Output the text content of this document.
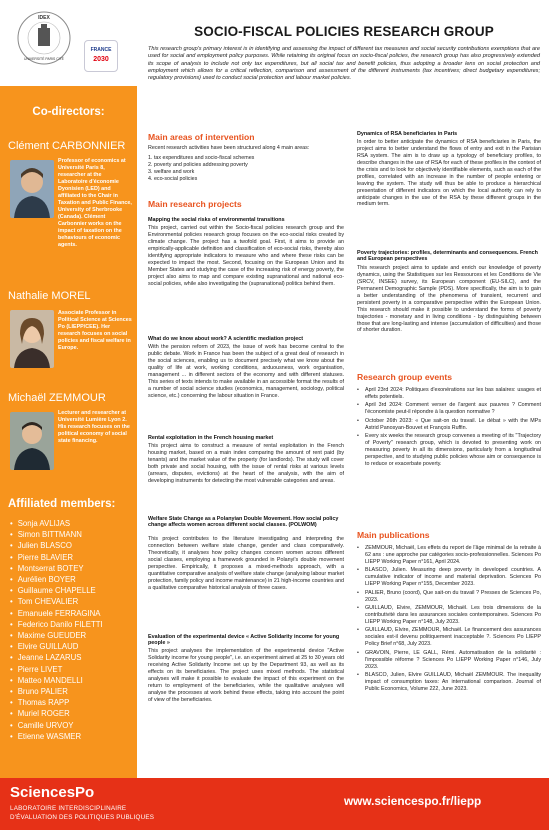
IDEX
UNIVERSITÉ PARIS CITÉ
FRANCE
2030
Co-directors:
Clément CARBONNIER
Professor of economics at Université Paris 8, researcher at the Laboratoire d'économie Dyonisien (LED) and affiliated to the Chair in Taxation and Public Finance, University of Sherbrooke (Canada). Clément Carbonnier works on the impact of taxation on the behaviours of economic agents.
Nathalie MOREL
Associate Professor in Political Science at Sciences Po (LIEPP/CEE). Her research focuses on social policies and fiscal welfare in Europe.
Michaël ZEMMOUR
Lecturer and researcher at Université Lumière Lyon 2. His research focuses on the political economy of social state financing.
Affiliated members:
• Sonja AVLIJAS
• Simon BITTMANN
• Julien BLASCO
• Pierre BLAVIER
• Montserrat BOTEY
• Aurélien BOYER
• Guillaume CHAPELLE
• Tom CHEVALIER
• Emanuele FERRAGINA
• Federico Danilo FILETTI
• Maxime GUEUDER
• Elvire GUILLAUD
• Jeanne LAZARUS
• Pierre LIVET
• Matteo MANDELLI
• Bruno PALIER
• Thomas RAPP
• Muriel ROGER
• Camille URVOY
• Etienne WASMER
SOCIO-FISCAL POLICIES RESEARCH GROUP
This research group's primary interest is in identifying and assessing the impact of different tax measures and social security contributions exemptions that are used for social and employment policy purposes. While retaining its original focus on socio-fiscal policies, the research group has also progressively extended its scope of analysis to include not only tax expenditures, but all social tax and benefit policies, thus adopting a broader lens on social protection and employment which allows for a critical reflection, comparison and assessment of the different instruments (tax incentives; direct budgetary expenditures; regulatory provisions) used to conduct social protection and labour market policies.
Main areas of intervention
Recent research activities have been structured along 4 main areas:
1. tax expenditures and socio-fiscal schemes
2. poverty and policies addressing poverty
3. welfare and work
4. eco-social policies
Main research projects
Mapping the social risks of environmental transitions
This project, carried out within the Socio-fiscal policies research group and the Environmental policies research group focuses on the eco-social risks created by climate change. The project has a twofold goal. First, it aims to provide an empirically-applicable definition and classification of eco-social risks, thereby also identifying appropriate indicators to measure who and where these risks can be expected to impact the most. Second, focusing on the European Union and its Member States and studying the case of the increasing risk of energy poverty, the project also aims to map and compare existing supranational and national eco-social policies, while also investigating the (supranational) politics behind them.
What do we know about work? A scientific mediation project
With the pension reform of 2023, the issue of work has become central to the public debate. Work in France has been the subject of a great deal of research in the social sciences, enabling us to document precisely what we know about the quality of life at work, working conditions, arduousness, work organisation, management ... in different sectors of the economy and with different statuses. This series of texts intends to make available in an accessible format the results of a number of social science studies (economics, management, sociology, political science, etc.) concerning the labour situation in France.
Rental exploitation in the French housing market
This project aims to construct a measure of rental exploitation in the French housing market, based on a main index comparing the amount of rent paid (by tenants) and the market value of the property (for landlords). The study will cover both private and social housing, with the issue of rental risks at various levels (arrears, disputes, evictions) at the heart of the analysis, with the aim of developing instruments for detecting the most vulnerable categories and areas.
Welfare State Change as a Polanyian Double Movement. How social policy change affects women across different social classes. (POLWOM)
This project contributes to the literature investigating and interpreting the connection between welfare state change, gender and class comparatively. Theoretically, it analyses how policy changes concern women across different social classes, employing a framework grounded in Polanyi's double movement perspective. Empirically, it proposes a mixed-methods approach, with a quantitative comparative analysis of welfare state change (analysing labour market protection, family policy and income maintenance) in 21 high-income countries and a qualitative comparative historical analysis of three cases.
Evaluation of the experimental device « Active Solidarity income for young people »
This project analyses the implementation of the experimental device "Active Solidarity income for young people", i.e. an experiment aimed at 25 to 30 years old receiving Active Solidarity Income set up by the Department 93, as well as its effects on its beneficiaries. The project uses mixed methods. The statistical analyses will make it possible to evaluate the impact of this experiment on the return to employment of the beneficiaries, while the qualitative analyses will analyse the processes at work behind these effects, taking into account the point of view of the beneficiaries.
Dynamics of RSA beneficiaries in Paris
In order to better anticipate the dynamics of RSA beneficiaries in Paris, the project aims to better understand the flows of entry and exit in the Parisian RSA system. The aim is to draw up a typology of beneficiary profiles, to describe changes in the use of RSA for each of these profiles in the context of the crisis and to look for objectively identifiable elements, such as each of the profiles, correlated with an increase in the number of people entering or leaving the system. The study will thus be able to produce a hierarchical presentation of different indicators on which the local authority can rely to anticipate changes in the use of the RSA by these different groups in the medium term.
Poverty trajectories: profiles, determinants and consequences. French and European perspectives
This research project aims to update and enrich our knowledge of poverty dynamics, using the Statistiques sur les Ressources et les Conditions de Vie (SRCV, INSEE) survey, its European component (EU-SILC), and the Permanent Demographic Sample (PDS). More specifically, the aim is to gain a better understanding of the phenomena of transient, recurrent and persistent poverty in a comparative perspective within the European Union. This research should make it possible to understand the forms of poverty trajectories - monetary and in living conditions - by distinguishing between those that are long-lasting and intense (accumulation of difficulties) and those of shorter duration.
Research group events
• April 23rd 2024: Politiques d'exonérations sur les bas salaires: usages et effets potentiels.
• April 3rd 2024: Comment verser de l'argent aux pauvres ? Comment l'économiste peut-il répondre à la question normative ?
• October 26th 2023: « Que sait-on du travail. Le débat » with the MPs Astrid Panosyan-Bouvet et François Ruffin.
• Every six weeks the research group convenes a meeting of its "Trajectory of Poverty" research group, which is devoted to presenting work on measuring poverty in all its dimensions, particularly from a longitudinal perspective, and to studying public policies whose aim or consequence is to reduce or exacerbate poverty.
Main publications
• ZEMMOUR, Michaël, Les effets du report de l'âge minimal de la retraite à 62 ans : une approche par catégories socio-professionnelles. Sciences Po LIEPP Working Paper n°161, April 2024.
• BLASCO, Julien. Measuring deep poverty in developed countries. A cumulative indicator of income and material deprivation. Sciences Po LIEPP Working Paper n°155, December 2023.
• PALIER, Bruno (coord), Que sait-on du travail ? Presses de Sciences Po, 2023.
• GUILLAUD, Elvire, ZEMMOUR, Michaël. Les trois dimensions de la contributivité dans les assurances sociales contemporaines. Sciences Po LIEPP Working Paper n°148, July 2023.
• GUILLAUD, Elvire, ZEMMOUR, Michaël. Le financement des assurances sociales est-il devenu politiquement inacceptable ?. Sciences Po LIEPP Policy Brief n°68, July 2023.
• GRAVOIN, Pierre, LE GALL, Rémi. Automatisation de la solidarité : l'impossible réforme ? Sciences Po LIEPP Working Paper n°146, July 2023.
• BLASCO, Julien, Elvire GUILLAUD, Michaël ZEMMOUR. The inequality impact of consumption taxes: An international comparison. Journal of Public Economics, Volume 222, June 2023.
SciencesPo
LABORATOIRE INTERDISCIPLINAIRE
D'ÉVALUATION DES POLITIQUES PUBLIQUES
www.sciencespo.fr/liepp
